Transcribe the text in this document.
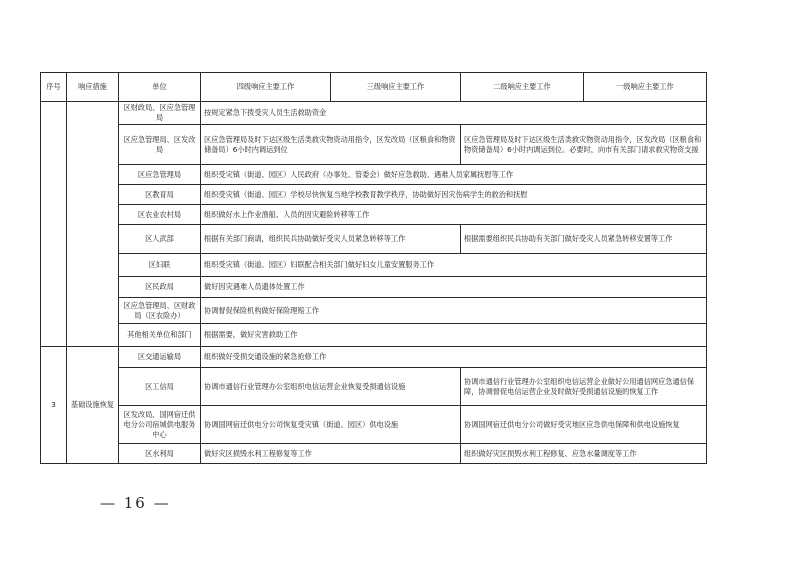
序号	响应措施	单位	四级响应主要工作	三级响应主要工作	二级响应主要工作	一级响应主要工作
		区财政局、区应急管理局	按规定紧急下拨受灾人员生活救助资金			
		区应急管理局、区发改局	区应急管理局及时下达区级生活类救灾物资动用指令，区发改局（区粮食和物资储备局）6小时内调运到位		区应急管理局及时下达区级生活类救灾物资动用指令，区发改局（区粮食和物资储备局）6小时内调运到位。必要时，向市有关部门请求救灾物资支援	
		区应急管理局	组织受灾镇（街道、园区）人民政府（办事处、管委会）做好应急救助、遇难人员家属抚慰等工作			
		区教育局	组织受灾镇（街道、园区）学校尽快恢复当地学校教育教学秩序，协助做好因灾伤病学生的救治和抚慰			
		区农业农村局	组织做好水上作业渔船、人员的因灾避险转移等工作			
		区人武部	根据有关部门商请，组织民兵协助做好受灾人员紧急转移等工作		根据需要组织民兵协助有关部门做好受灾人员紧急转移安置等工作	
		区妇联	组织受灾镇（街道、园区）妇联配合相关部门做好妇女儿童安置服务工作			
		区民政局	做好因灾遇难人员遗体处置工作			
		区应急管理局、区财政局（区农险办）	协调督促保险机构做好保险理赔工作			
		其他相关单位和部门	根据需要，做好灾害救助工作			
3	基础设施恢复	区交通运输局	组织做好受损交通设施的紧急抢修工作			
		区工信局	协调市通信行业管理办公室组织电信运营企业恢复受损通信设施		协调市通信行业管理办公室组织电信运营企业做好公用通信网应急通信保障，协调督促电信运营企业及时做好受损通信设施的恢复工作	
		区发改局、国网宿迁供电分公司宿城供电服务中心	协调国网宿迁供电分公司恢复受灾镇（街道、园区）供电设施		协调国网宿迁供电分公司做好受灾地区应急供电保障和供电设施恢复	
		区水利局	做好灾区损毁水利工程修复等工作		组织做好灾区损毁水利工程修复、应急水量调度等工作	
— 16 —
